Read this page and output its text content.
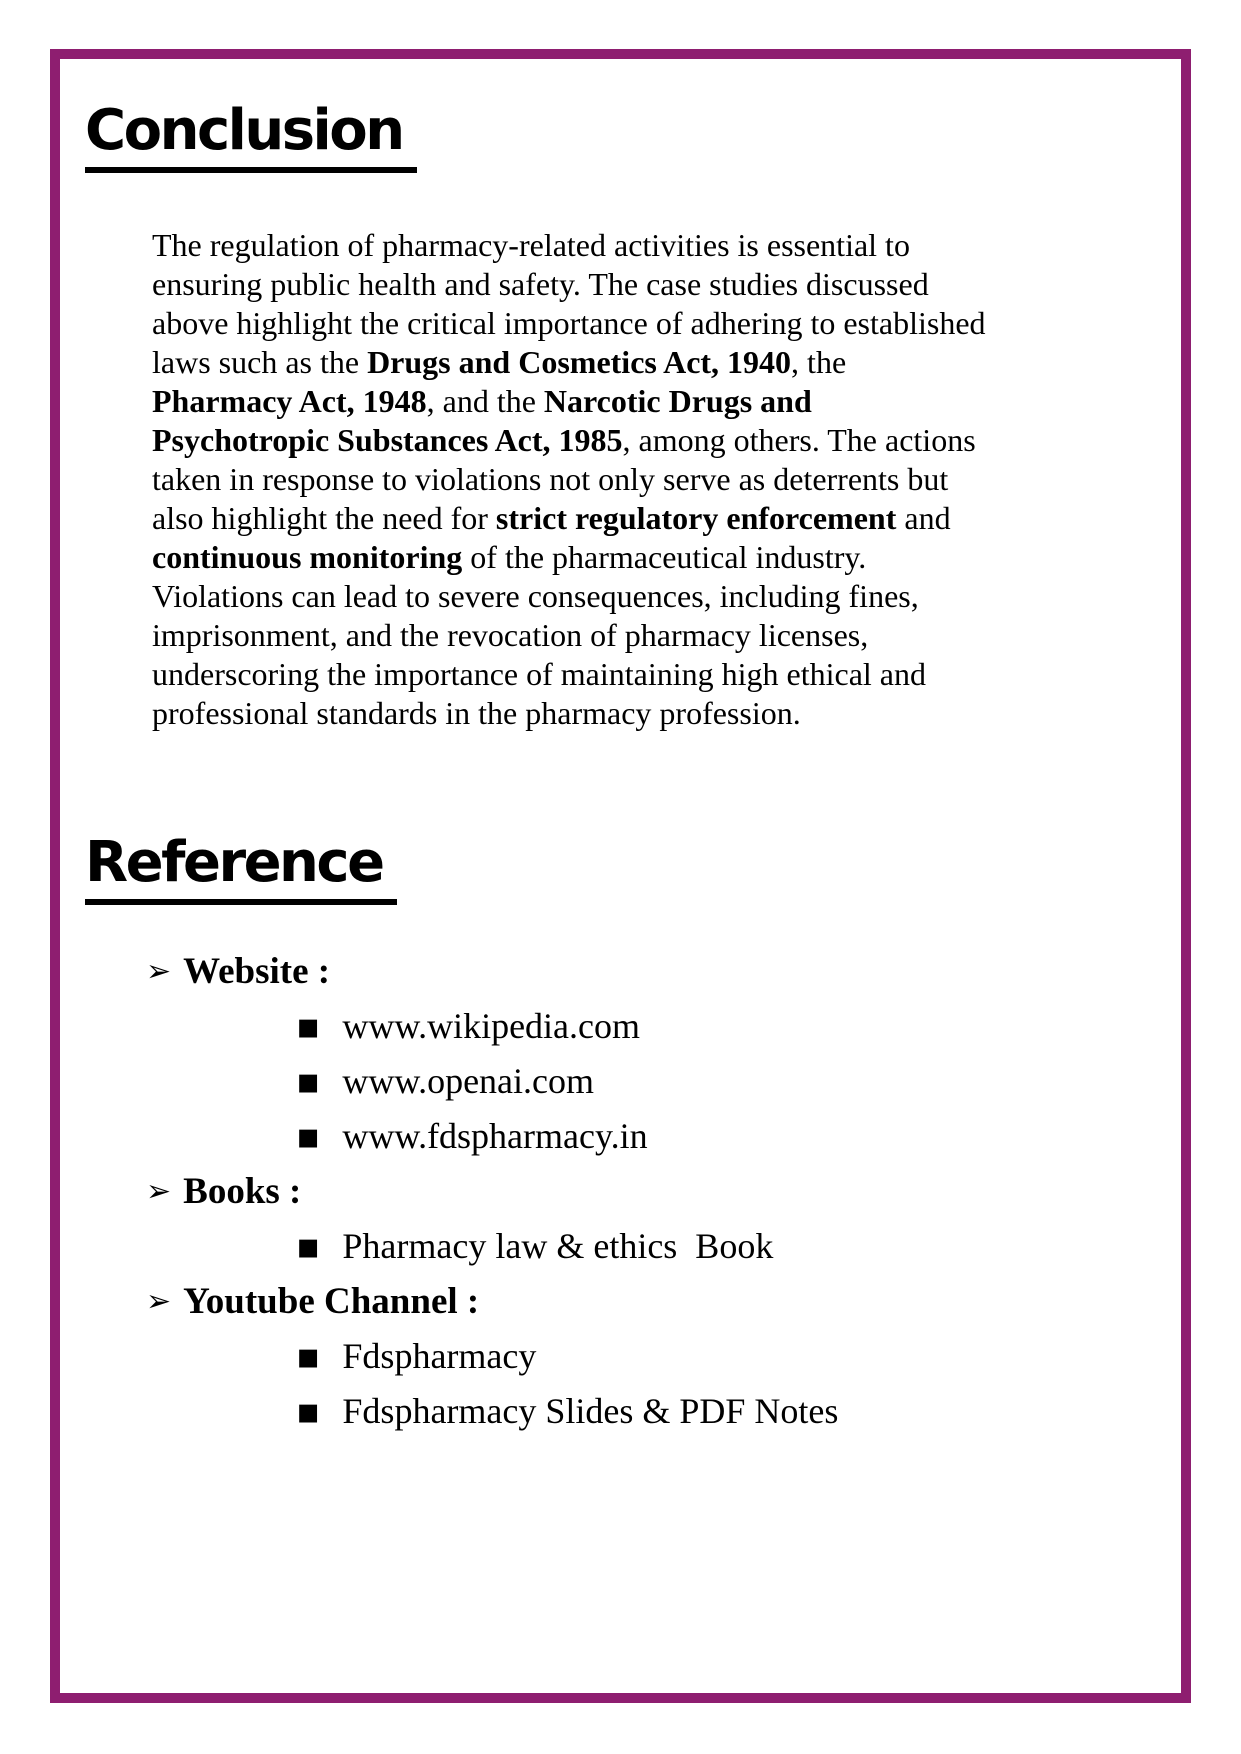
Conclusion
The regulation of pharmacy-related activities is essential to
ensuring public health and safety. The case studies discussed
above highlight the critical importance of adhering to established
laws such as the Drugs and Cosmetics Act, 1940, the
Pharmacy Act, 1948, and the Narcotic Drugs and
Psychotropic Substances Act, 1985, among others. The actions
taken in response to violations not only serve as deterrents but
also highlight the need for strict regulatory enforcement and
continuous monitoring of the pharmaceutical industry.
Violations can lead to severe consequences, including fines,
imprisonment, and the revocation of pharmacy licenses,
underscoring the importance of maintaining high ethical and
professional standards in the pharmacy profession.
Reference
➢ Website :
▪ www.wikipedia.com
▪ www.openai.com
▪ www.fdspharmacy.in
➢ Books :
▪ Pharmacy law & ethics  Book
➢ Youtube Channel :
▪ Fdspharmacy
▪ Fdspharmacy Slides & PDF Notes
